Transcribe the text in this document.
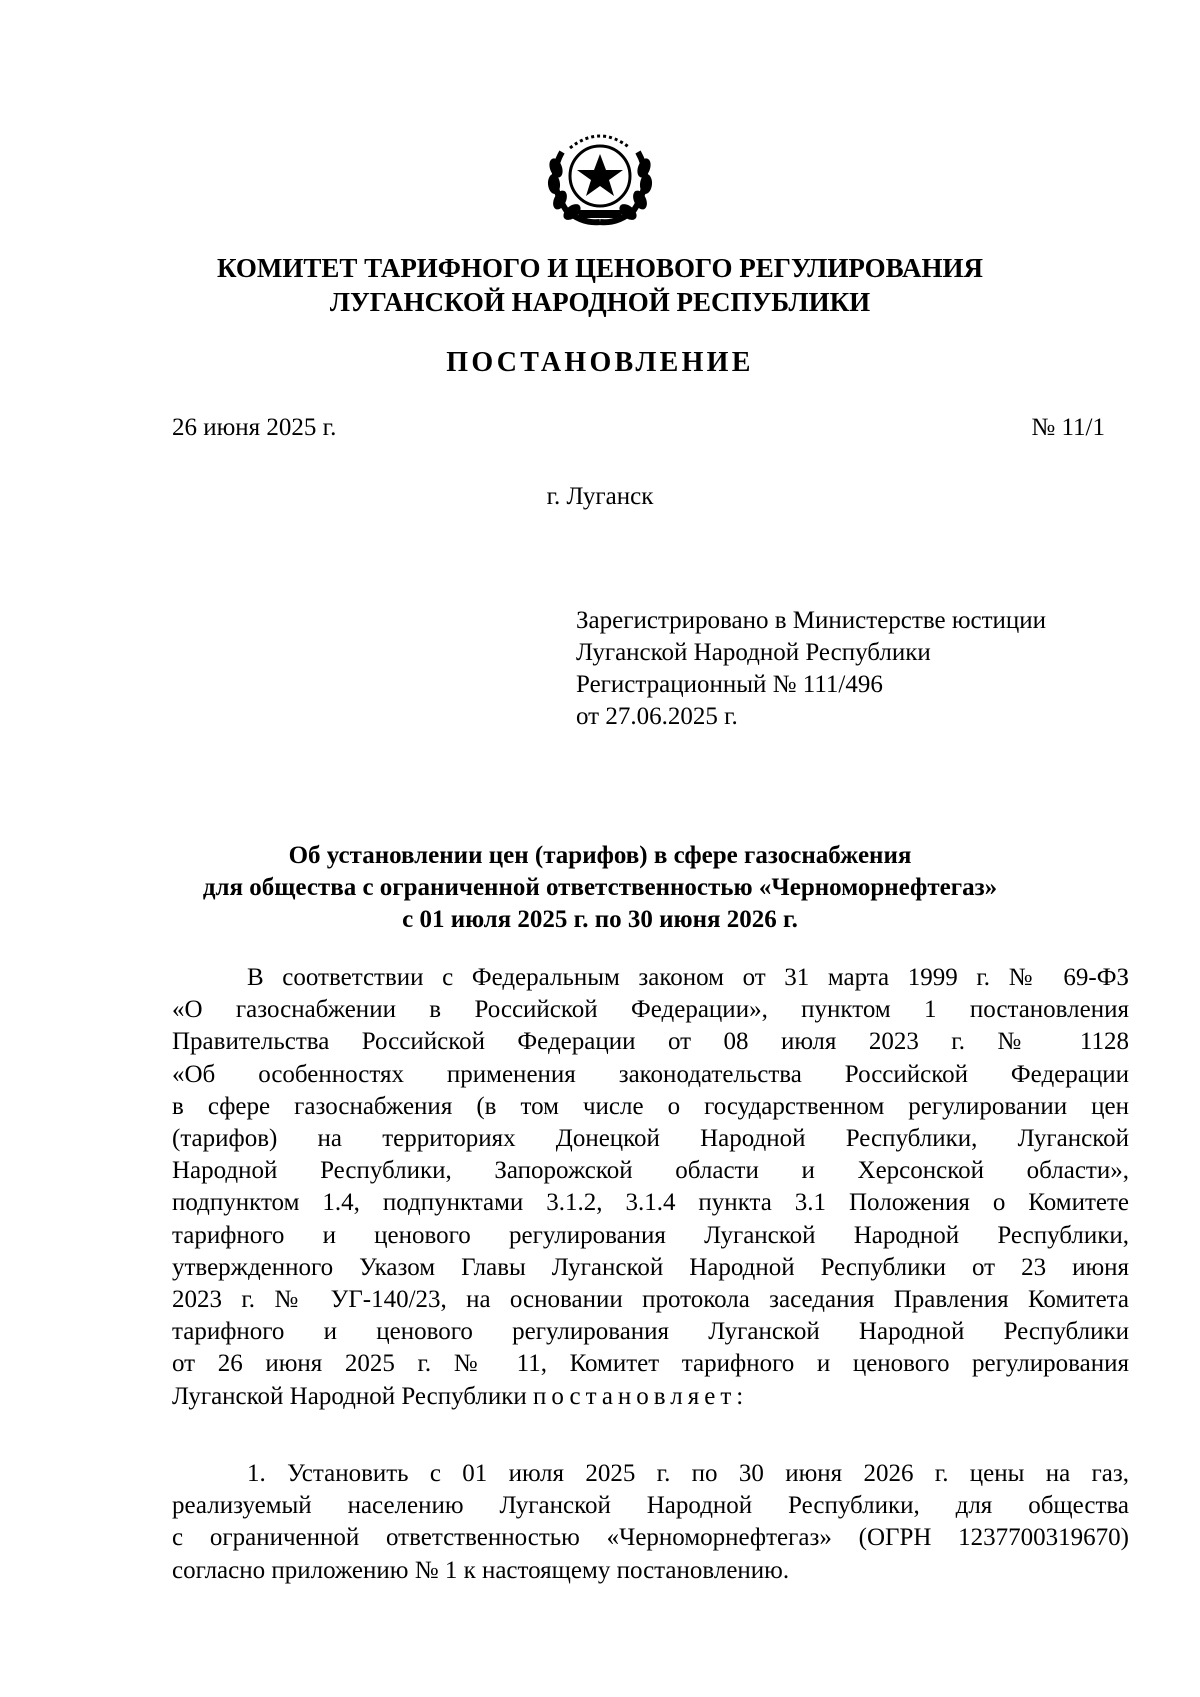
КОМИТЕТ ТАРИФНОГО И ЦЕНОВОГО РЕГУЛИРОВАНИЯ
ЛУГАНСКОЙ НАРОДНОЙ РЕСПУБЛИКИ
ПОСТАНОВЛЕНИЕ
26 июня 2025 г.	№ 11/1
г. Луганск
Зарегистрировано в Министерстве юстиции
Луганской Народной Республики
Регистрационный № 111/496
от 27.06.2025 г.
Об установлении цен (тарифов) в сфере газоснабжения
для общества с ограниченной ответственностью «Черноморнефтегаз»
с 01 июля 2025 г. по 30 июня 2026 г.
В соответствии с Федеральным законом от 31 марта 1999 г. № 69-ФЗ
«О газоснабжении в Российской Федерации», пунктом 1 постановления
Правительства Российской Федерации от 08 июля 2023 г. № 1128
«Об особенностях применения законодательства Российской Федерации
в сфере газоснабжения (в том числе о государственном регулировании цен
(тарифов) на территориях Донецкой Народной Республики, Луганской
Народной Республики, Запорожской области и Херсонской области»,
подпунктом 1.4, подпунктами 3.1.2, 3.1.4 пункта 3.1 Положения о Комитете
тарифного и ценового регулирования Луганской Народной Республики,
утвержденного Указом Главы Луганской Народной Республики от 23 июня
2023 г. № УГ-140/23, на основании протокола заседания Правления Комитета
тарифного и ценового регулирования Луганской Народной Республики
от 26 июня 2025 г. № 11, Комитет тарифного и ценового регулирования
Луганской Народной Республики постановляет:
1. Установить с 01 июля 2025 г. по 30 июня 2026 г. цены на газ,
реализуемый населению Луганской Народной Республики, для общества
с ограниченной ответственностью «Черноморнефтегаз» (ОГРН 1237700319670)
согласно приложению № 1 к настоящему постановлению.
